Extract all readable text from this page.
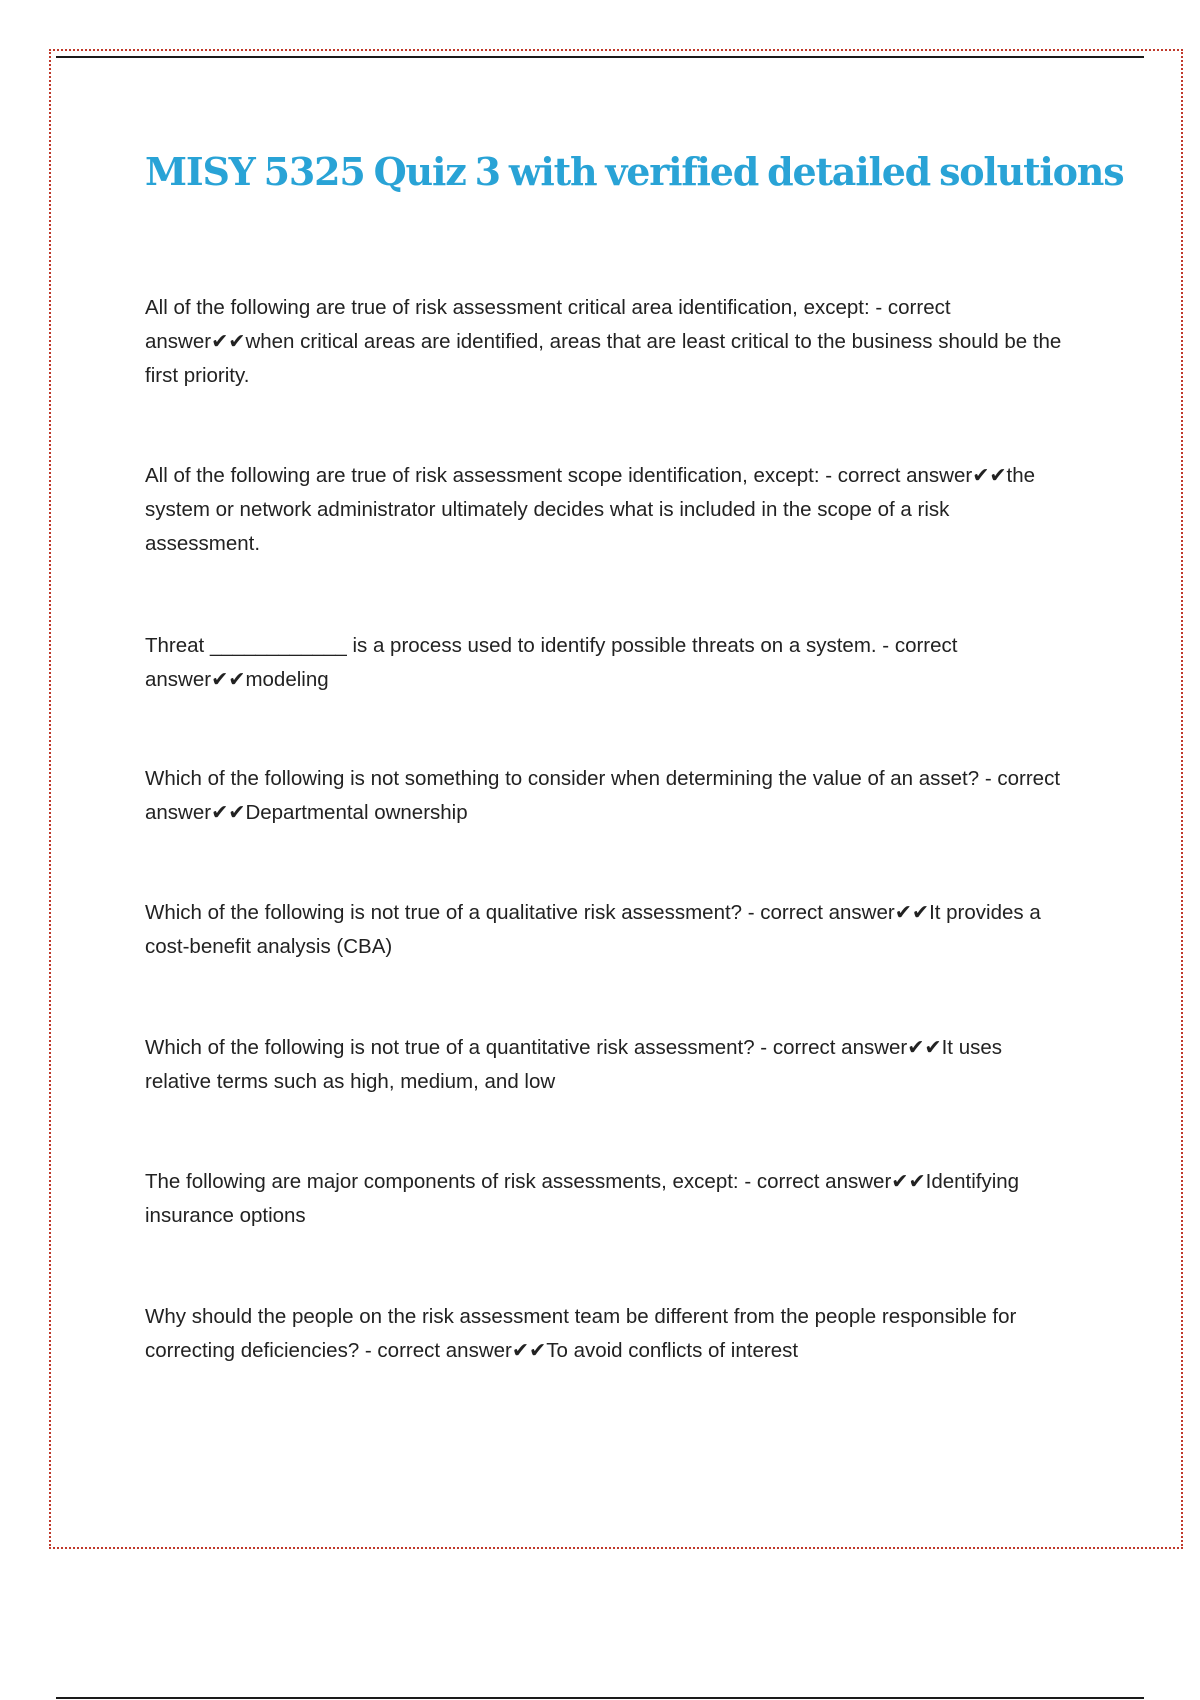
MISY 5325 Quiz 3 with verified detailed solutions

All of the following are true of risk assessment critical area identification, except: - correct answer✔✔when critical areas are identified, areas that are least critical to the business should be the first priority.

All of the following are true of risk assessment scope identification, except: - correct answer✔✔the system or network administrator ultimately decides what is included in the scope of a risk assessment.

Threat ____________ is a process used to identify possible threats on a system. - correct answer✔✔modeling

Which of the following is not something to consider when determining the value of an asset? - correct answer✔✔Departmental ownership

Which of the following is not true of a qualitative risk assessment? - correct answer✔✔It provides a cost-benefit analysis (CBA)

Which of the following is not true of a quantitative risk assessment? - correct answer✔✔It uses relative terms such as high, medium, and low

The following are major components of risk assessments, except: - correct answer✔✔Identifying insurance options

Why should the people on the risk assessment team be different from the people responsible for correcting deficiencies? - correct answer✔✔To avoid conflicts of interest
